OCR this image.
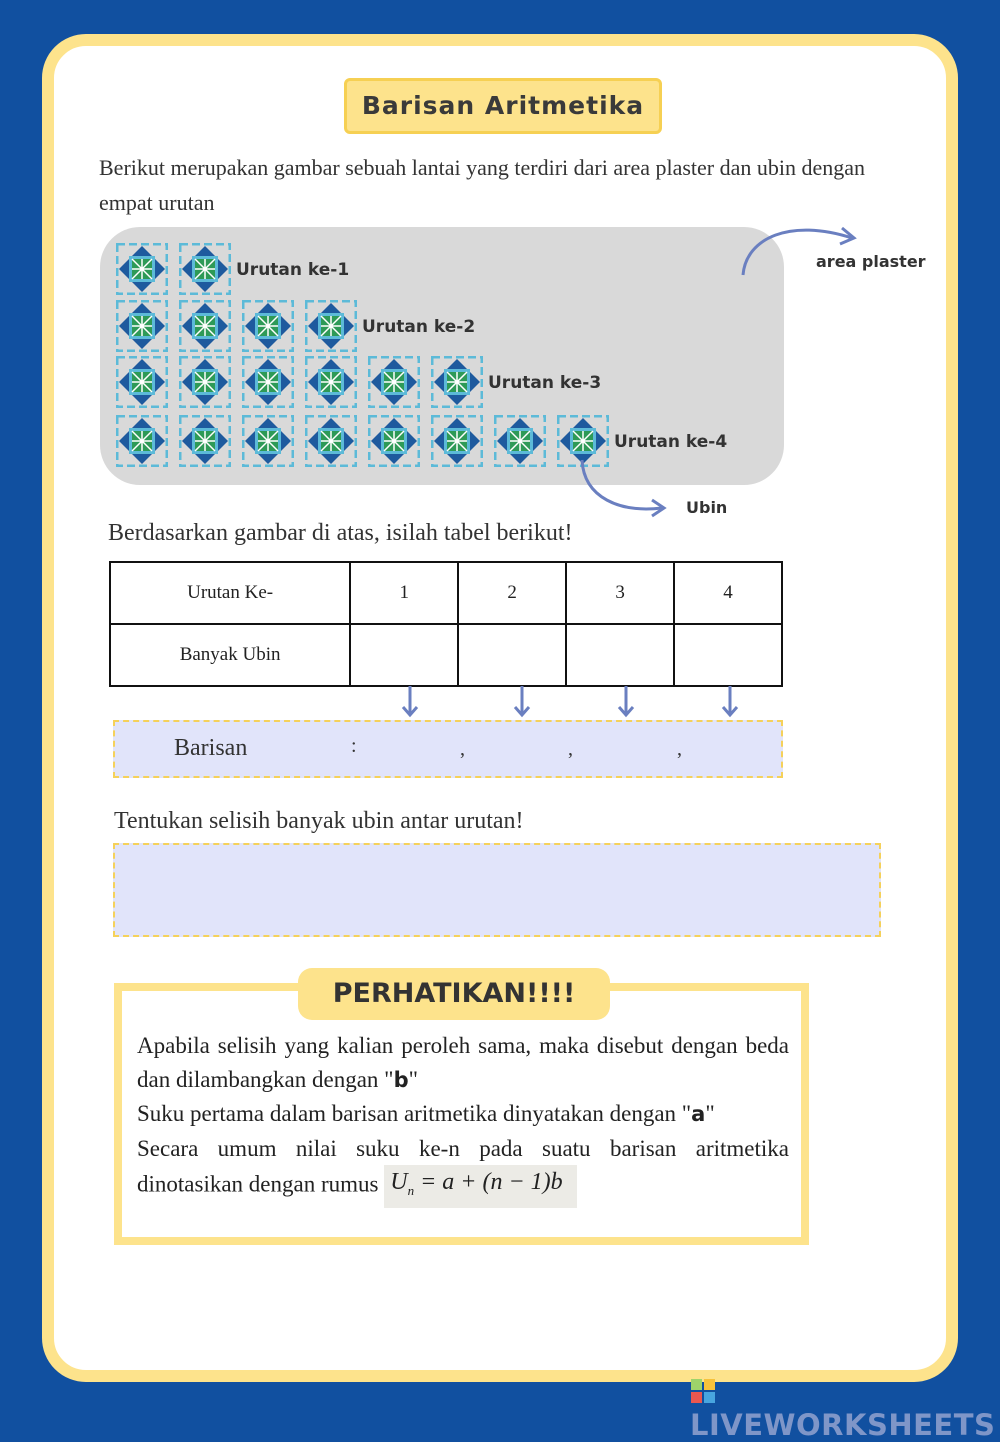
Barisan Aritmetika
Berikut merupakan gambar sebuah lantai yang terdiri dari area plaster dan ubin dengan empat urutan
Urutan ke-1
Urutan ke-2
Urutan ke-3
Urutan ke-4
area plaster
Ubin
Berdasarkan gambar di atas, isilah tabel berikut!
Urutan Ke-	1	2	3	4
Banyak Ubin				
Barisan	:	,	,	,
Tentukan selisih banyak ubin antar urutan!
PERHATIKAN!!!!

Apabila selisih yang kalian peroleh sama, maka disebut dengan beda dan dilambangkan dengan "b"

Suku pertama dalam barisan aritmetika dinyatakan dengan "a"

Secara umum nilai suku ke-n pada suatu barisan aritmetika dinotasikan dengan rumus $U_n = a + (n - 1)b$

LIVEWORKSHEETS
